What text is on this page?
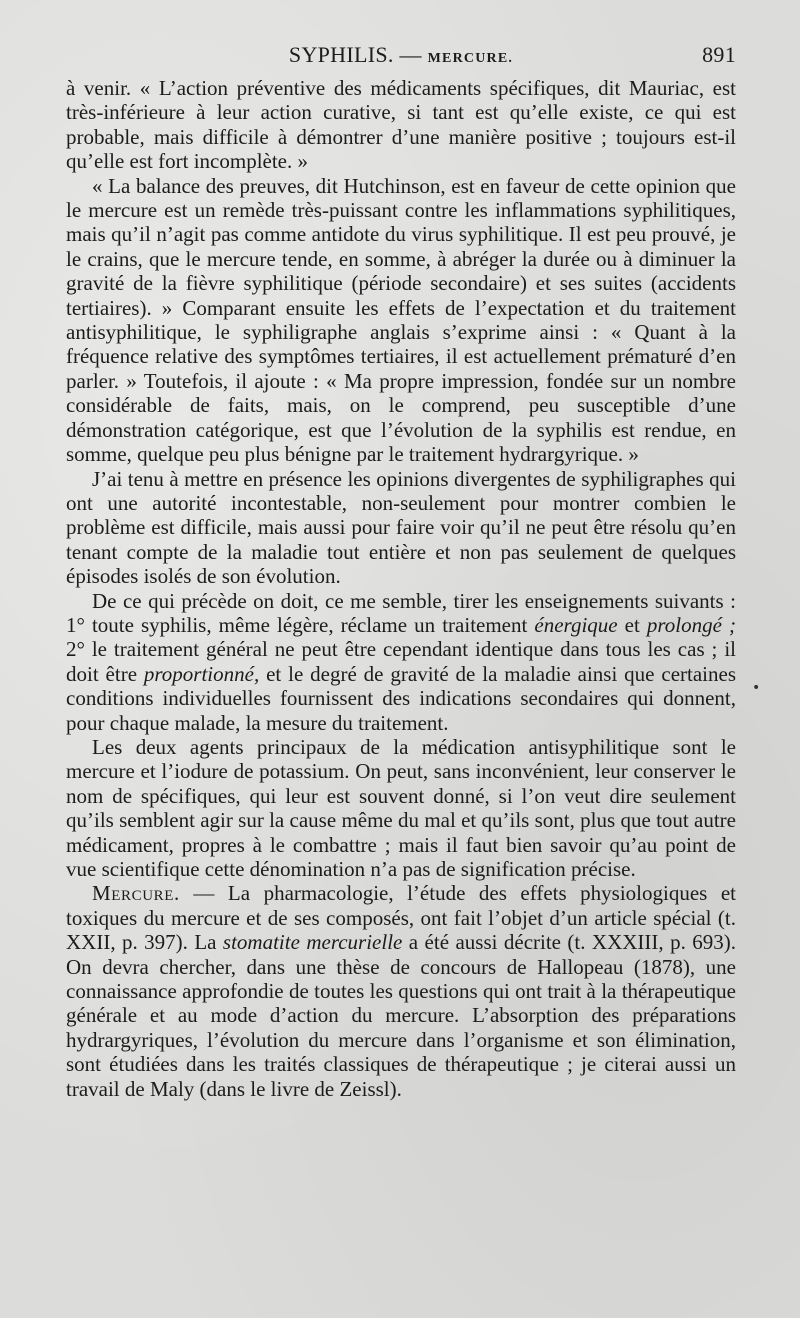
SYPHILIS. — MERCURE.	891

à venir. « L’action préventive des médicaments spécifiques, dit Mauriac, est très-inférieure à leur action curative, si tant est qu’elle existe, ce qui est probable, mais difficile à démontrer d’une manière positive ; toujours est-il qu’elle est fort incomplète. »

« La balance des preuves, dit Hutchinson, est en faveur de cette opinion que le mercure est un remède très-puissant contre les inflammations syphilitiques, mais qu’il n’agit pas comme antidote du virus syphilitique. Il est peu prouvé, je le crains, que le mercure tende, en somme, à abréger la durée ou à diminuer la gravité de la fièvre syphilitique (période secondaire) et ses suites (accidents tertiaires). » Comparant ensuite les effets de l’expectation et du traitement antisyphilitique, le syphiligraphe anglais s’exprime ainsi : « Quant à la fréquence relative des symptômes tertiaires, il est actuellement prématuré d’en parler. » Toutefois, il ajoute : « Ma propre impression, fondée sur un nombre considérable de faits, mais, on le comprend, peu susceptible d’une démonstration catégorique, est que l’évolution de la syphilis est rendue, en somme, quelque peu plus bénigne par le traitement hydrargyrique. »

J’ai tenu à mettre en présence les opinions divergentes de syphiligraphes qui ont une autorité incontestable, non-seulement pour montrer combien le problème est difficile, mais aussi pour faire voir qu’il ne peut être résolu qu’en tenant compte de la maladie tout entière et non pas seulement de quelques épisodes isolés de son évolution.

De ce qui précède on doit, ce me semble, tirer les enseignements suivants : 1° toute syphilis, même légère, réclame un traitement énergique et prolongé ; 2° le traitement général ne peut être cependant identique dans tous les cas ; il doit être proportionné, et le degré de gravité de la maladie ainsi que certaines conditions individuelles fournissent des indications secondaires qui donnent, pour chaque malade, la mesure du traitement.

Les deux agents principaux de la médication antisyphilitique sont le mercure et l’iodure de potassium. On peut, sans inconvénient, leur conserver le nom de spécifiques, qui leur est souvent donné, si l’on veut dire seulement qu’ils semblent agir sur la cause même du mal et qu’ils sont, plus que tout autre médicament, propres à le combattre ; mais il faut bien savoir qu’au point de vue scientifique cette dénomination n’a pas de signification précise.

Mercure. — La pharmacologie, l’étude des effets physiologiques et toxiques du mercure et de ses composés, ont fait l’objet d’un article spécial (t. XXII, p. 397). La stomatite mercurielle a été aussi décrite (t. XXXIII, p. 693). On devra chercher, dans une thèse de concours de Hallopeau (1878), une connaissance approfondie de toutes les questions qui ont trait à la thérapeutique générale et au mode d’action du mercure. L’absorption des préparations hydrargyriques, l’évolution du mercure dans l’organisme et son élimination, sont étudiées dans les traités classiques de thérapeutique ; je citerai aussi un travail de Maly (dans le livre de Zeissl).

•
